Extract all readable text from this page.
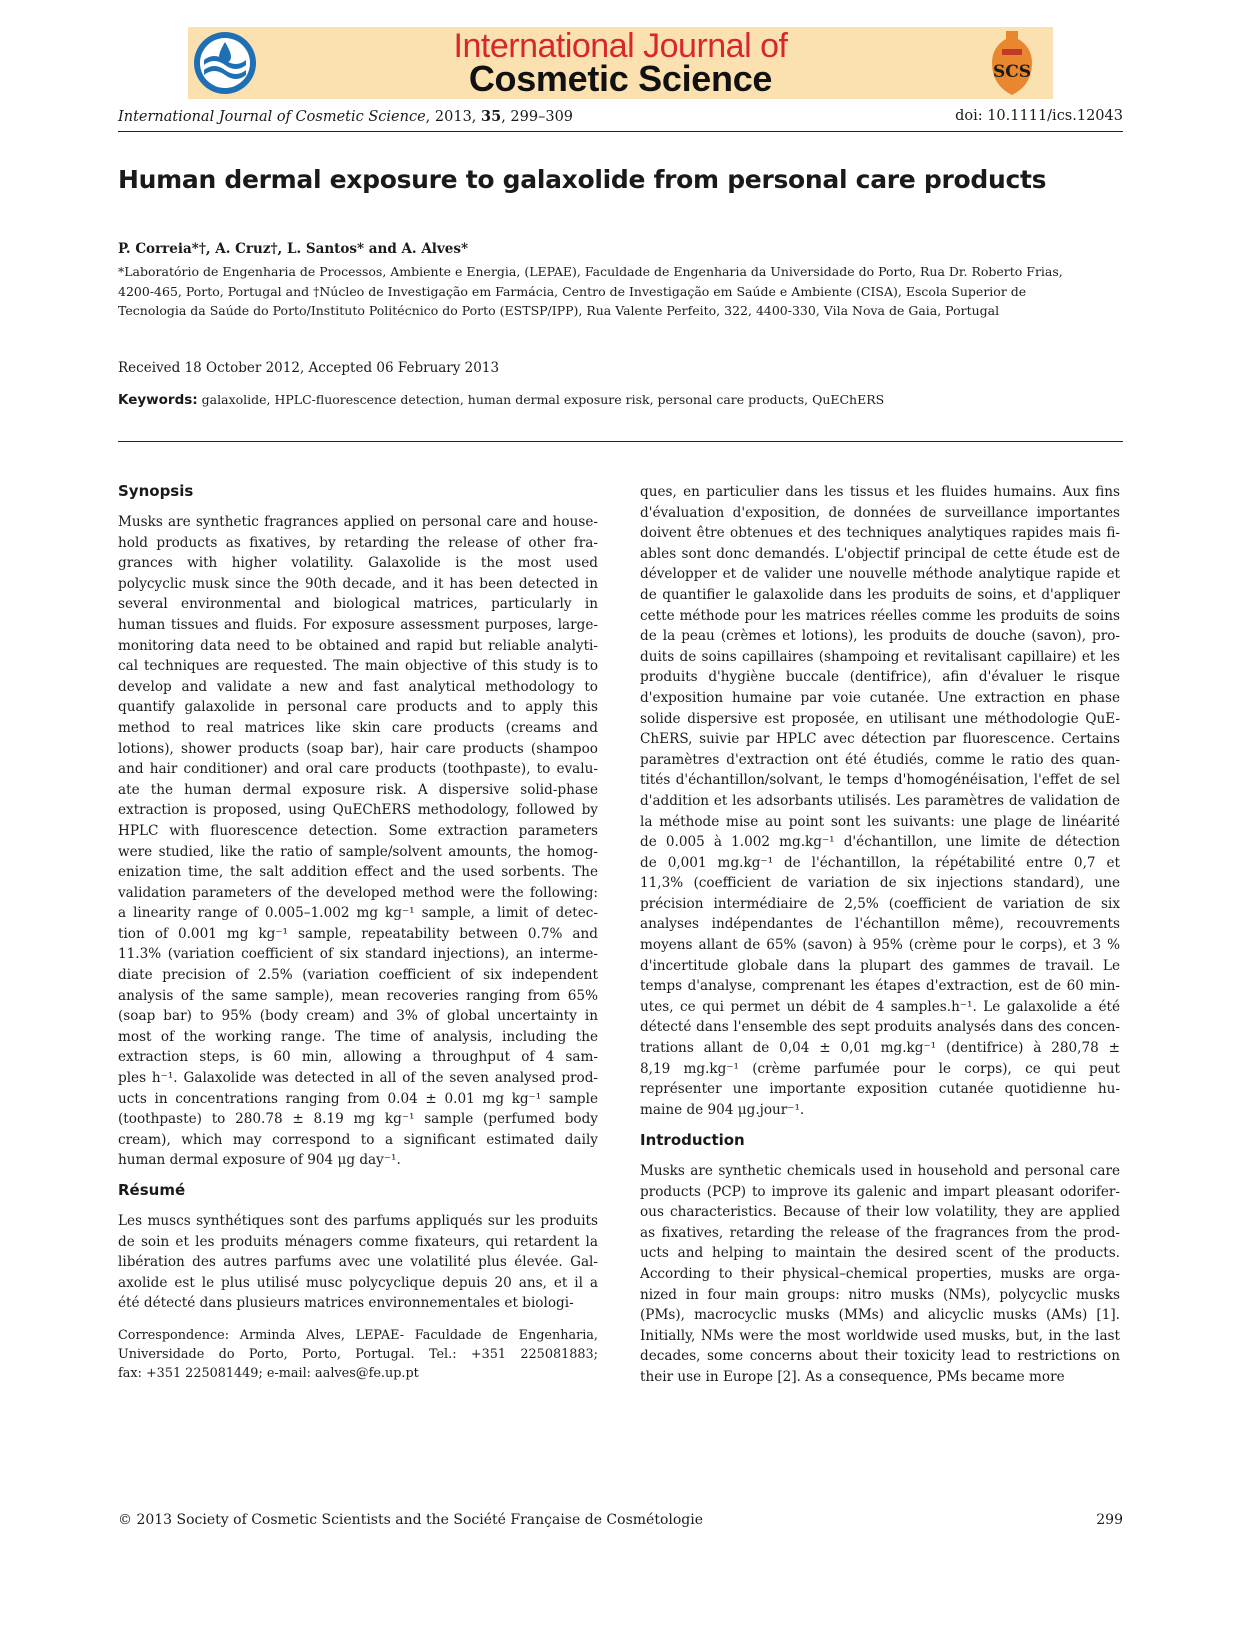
International Journal of
Cosmetic Science	SCS
International Journal of Cosmetic Science, 2013, 35, 299–309	doi: 10.1111/ics.12043
Human dermal exposure to galaxolide from personal care products
P. Correia*†, A. Cruz†, L. Santos* and A. Alves*
*Laboratório de Engenharia de Processos, Ambiente e Energia, (LEPAE), Faculdade de Engenharia da Universidade do Porto, Rua Dr. Roberto Frias,
4200-465, Porto, Portugal and †Núcleo de Investigação em Farmácia, Centro de Investigação em Saúde e Ambiente (CISA), Escola Superior de
Tecnologia da Saúde do Porto/Instituto Politécnico do Porto (ESTSP/IPP), Rua Valente Perfeito, 322, 4400-330, Vila Nova de Gaia, Portugal
Received 18 October 2012, Accepted 06 February 2013
Keywords: galaxolide, HPLC-fluorescence detection, human dermal exposure risk, personal care products, QuEChERS
Synopsis
Musks are synthetic fragrances applied on personal care and house-
hold products as fixatives, by retarding the release of other fra-
grances with higher volatility. Galaxolide is the most used
polycyclic musk since the 90th decade, and it has been detected in
several environmental and biological matrices, particularly in
human tissues and fluids. For exposure assessment purposes, large-
monitoring data need to be obtained and rapid but reliable analyti-
cal techniques are requested. The main objective of this study is to
develop and validate a new and fast analytical methodology to
quantify galaxolide in personal care products and to apply this
method to real matrices like skin care products (creams and
lotions), shower products (soap bar), hair care products (shampoo
and hair conditioner) and oral care products (toothpaste), to evalu-
ate the human dermal exposure risk. A dispersive solid-phase
extraction is proposed, using QuEChERS methodology, followed by
HPLC with fluorescence detection. Some extraction parameters
were studied, like the ratio of sample/solvent amounts, the homog-
enization time, the salt addition effect and the used sorbents. The
validation parameters of the developed method were the following:
a linearity range of 0.005–1.002 mg kg⁻¹ sample, a limit of detec-
tion of 0.001 mg kg⁻¹ sample, repeatability between 0.7% and
11.3% (variation coefficient of six standard injections), an interme-
diate precision of 2.5% (variation coefficient of six independent
analysis of the same sample), mean recoveries ranging from 65%
(soap bar) to 95% (body cream) and 3% of global uncertainty in
most of the working range. The time of analysis, including the
extraction steps, is 60 min, allowing a throughput of 4 sam-
ples h⁻¹. Galaxolide was detected in all of the seven analysed prod-
ucts in concentrations ranging from 0.04 ± 0.01 mg kg⁻¹ sample
(toothpaste) to 280.78 ± 8.19 mg kg⁻¹ sample (perfumed body
cream), which may correspond to a significant estimated daily
human dermal exposure of 904 μg day⁻¹.
Résumé
Les muscs synthétiques sont des parfums appliqués sur les produits
de soin et les produits ménagers comme fixateurs, qui retardent la
libération des autres parfums avec une volatilité plus élevée. Gal-
axolide est le plus utilisé musc polycyclique depuis 20 ans, et il a
été détecté dans plusieurs matrices environnementales et biologi-
Correspondence: Arminda Alves, LEPAE- Faculdade de Engenharia,
Universidade do Porto, Porto, Portugal. Tel.: +351 225081883;
fax: +351 225081449; e-mail: aalves@fe.up.pt
ques, en particulier dans les tissus et les fluides humains. Aux fins
d'évaluation d'exposition, de données de surveillance importantes
doivent être obtenues et des techniques analytiques rapides mais fi-
ables sont donc demandés. L'objectif principal de cette étude est de
développer et de valider une nouvelle méthode analytique rapide et
de quantifier le galaxolide dans les produits de soins, et d'appliquer
cette méthode pour les matrices réelles comme les produits de soins
de la peau (crèmes et lotions), les produits de douche (savon), pro-
duits de soins capillaires (shampoing et revitalisant capillaire) et les
produits d'hygiène buccale (dentifrice), afin d'évaluer le risque
d'exposition humaine par voie cutanée. Une extraction en phase
solide dispersive est proposée, en utilisant une méthodologie QuE-
ChERS, suivie par HPLC avec détection par fluorescence. Certains
paramètres d'extraction ont été étudiés, comme le ratio des quan-
tités d'échantillon/solvant, le temps d'homogénéisation, l'effet de sel
d'addition et les adsorbants utilisés. Les paramètres de validation de
la méthode mise au point sont les suivants: une plage de linéarité
de 0.005 à 1.002 mg.kg⁻¹ d'échantillon, une limite de détection
de 0,001 mg.kg⁻¹ de l'échantillon, la répétabilité entre 0,7 et
11,3% (coefficient de variation de six injections standard), une
précision intermédiaire de 2,5% (coefficient de variation de six
analyses indépendantes de l'échantillon même), recouvrements
moyens allant de 65% (savon) à 95% (crème pour le corps), et 3 %
d'incertitude globale dans la plupart des gammes de travail. Le
temps d'analyse, comprenant les étapes d'extraction, est de 60 min-
utes, ce qui permet un débit de 4 samples.h⁻¹. Le galaxolide a été
détecté dans l'ensemble des sept produits analysés dans des concen-
trations allant de 0,04 ± 0,01 mg.kg⁻¹ (dentifrice) à 280,78 ±
8,19 mg.kg⁻¹ (crème parfumée pour le corps), ce qui peut
représenter une importante exposition cutanée quotidienne hu-
maine de 904 μg.jour⁻¹.
Introduction
Musks are synthetic chemicals used in household and personal care
products (PCP) to improve its galenic and impart pleasant odorifer-
ous characteristics. Because of their low volatility, they are applied
as fixatives, retarding the release of the fragrances from the prod-
ucts and helping to maintain the desired scent of the products.
According to their physical–chemical properties, musks are orga-
nized in four main groups: nitro musks (NMs), polycyclic musks
(PMs), macrocyclic musks (MMs) and alicyclic musks (AMs) [1].
Initially, NMs were the most worldwide used musks, but, in the last
decades, some concerns about their toxicity lead to restrictions on
their use in Europe [2]. As a consequence, PMs became more
© 2013 Society of Cosmetic Scientists and the Société Française de Cosmétologie	299
